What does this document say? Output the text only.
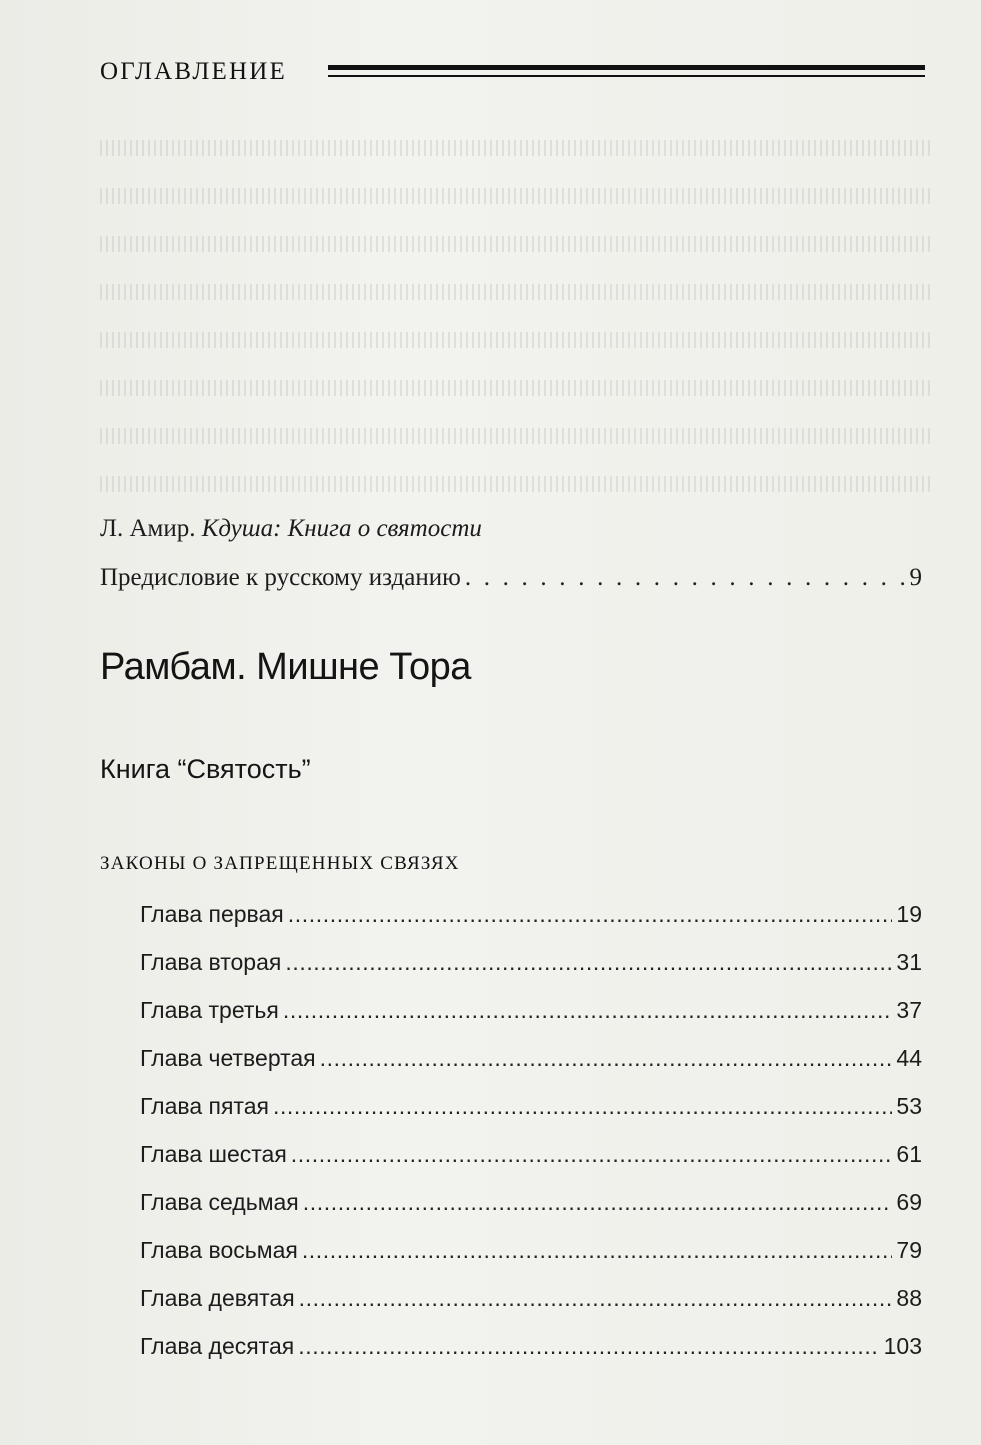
ОГЛАВЛЕНИЕ
Л. Амир. Кдуша: Книга о святости
Предисловие к русскому изданию . . .	9
Рамбам. Мишне Тора
Книга “Святость”
ЗАКОНЫ О ЗАПРЕЩЕННЫХ СВЯЗЯХ
Глава первая .....	19
Глава вторая .....	31
Глава третья .....	37
Глава четвертая .....	44
Глава пятая .....	53
Глава шестая .....	61
Глава седьмая .....	69
Глава восьмая .....	79
Глава девятая .....	88
Глава десятая .....	103
